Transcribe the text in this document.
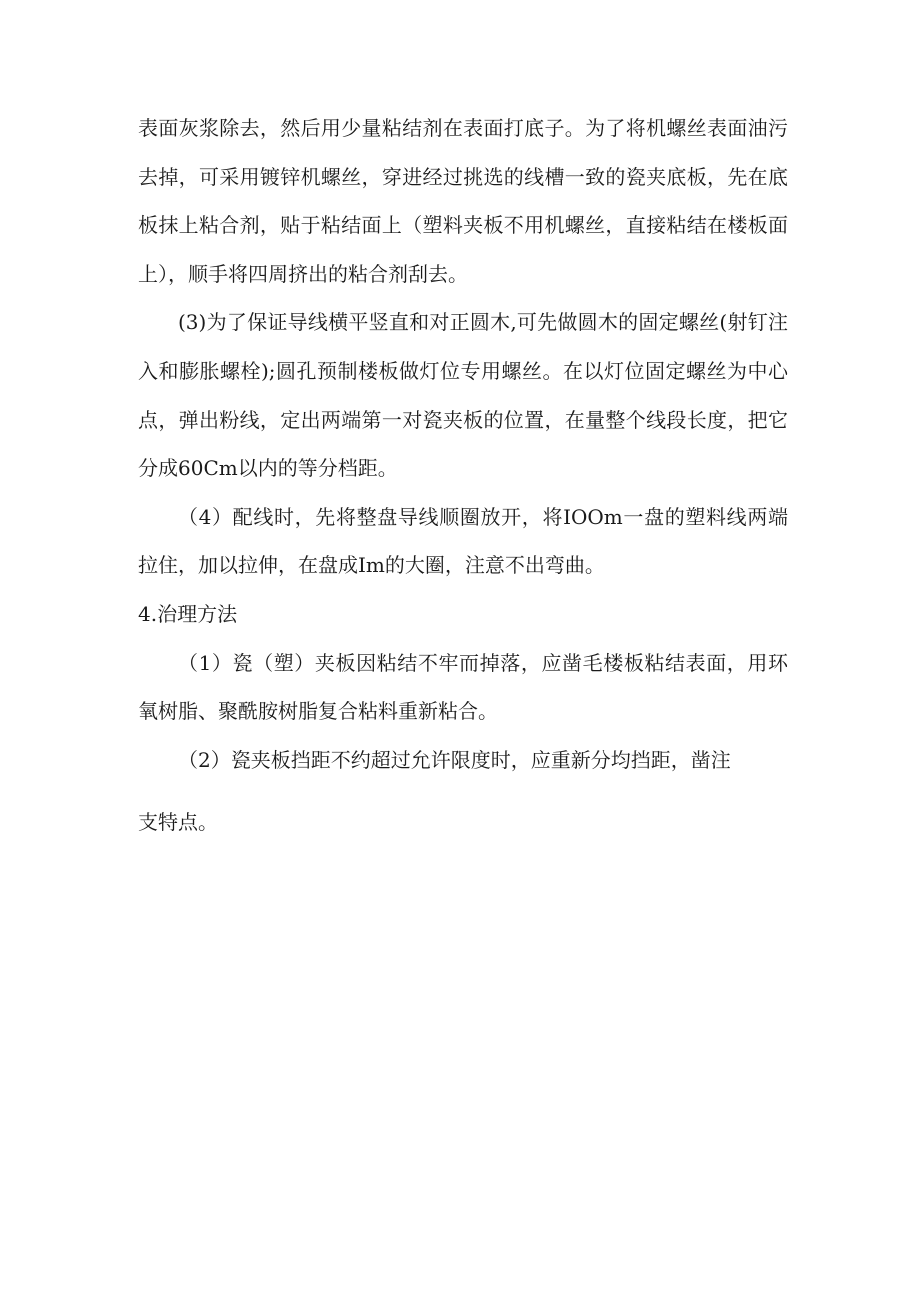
表面灰浆除去，然后用少量粘结剂在表面打底子。为了将机螺丝表面油污去掉，可采用镀锌机螺丝，穿进经过挑选的线槽一致的瓷夹底板，先在底板抹上粘合剂，贴于粘结面上（塑料夹板不用机螺丝，直接粘结在楼板面上），顺手将四周挤出的粘合剂刮去。

(3)为了保证导线横平竖直和对正圆木,可先做圆木的固定螺丝(射钉注入和膨胀螺栓);圆孔预制楼板做灯位专用螺丝。在以灯位固定螺丝为中心点，弹出粉线，定出两端第一对瓷夹板的位置，在量整个线段长度，把它分成60Cm以内的等分档距。

（4）配线时，先将整盘导线顺圈放开，将IOOm一盘的塑料线两端拉住，加以拉伸，在盘成Im的大圈，注意不出弯曲。

4.治理方法

（1）瓷（塑）夹板因粘结不牢而掉落，应凿毛楼板粘结表面，用环氧树脂、聚酰胺树脂复合粘料重新粘合。

（2）瓷夹板挡距不约超过允许限度时，应重新分均挡距，凿注

支特点。
